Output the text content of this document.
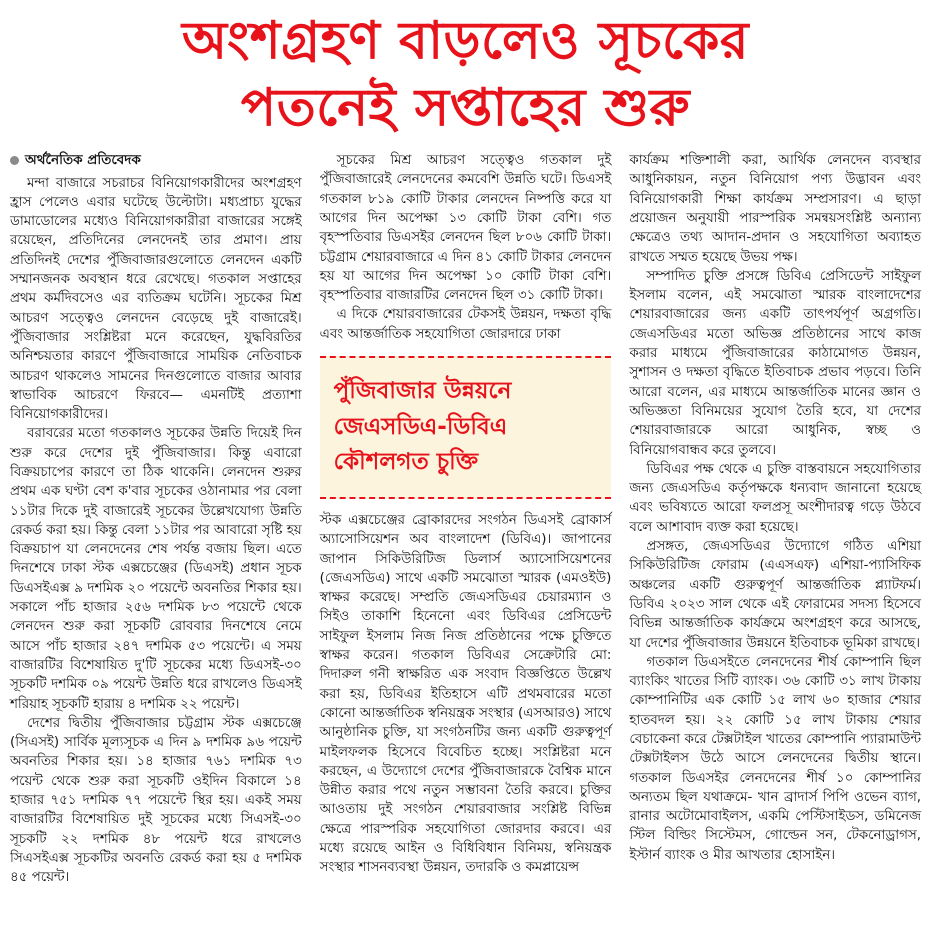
অংশগ্রহণ বাড়লেও সূচকের
পতনেই সপ্তাহের শুরু
অর্থনৈতিক প্রতিবেদক

মন্দা বাজারে সচরাচর বিনিয়োগকারীদের অংশগ্রহণ হ্রাস পেলেও এবার ঘটেছে উল্টোটা। মধ্যপ্রাচ্য যুদ্ধের ডামাডোলের মধ্যেও বিনিয়োগকারীরা বাজারের সঙ্গেই রয়েছেন, প্রতিদিনের লেনদেনই তার প্রমাণ। প্রায় প্রতিদিনই দেশের পুঁজিবাজারগুলোতে লেনদেন একটি সম্মানজনক অবস্থান ধরে রেখেছে। গতকাল সপ্তাহের প্রথম কর্মদিবসেও এর ব্যতিক্রম ঘটেনি। সূচকের মিশ্র আচরণ সত্ত্বেও লেনদেন বেড়েছে দুই বাজারেই। পুঁজিবাজার সংশ্লিষ্টরা মনে করেছেন, যুদ্ধবিরতির অনিশ্চয়তার কারণে পুঁজিবাজারে সাময়িক নেতিবাচক আচরণ থাকলেও সামনের দিনগুলোতে বাজার আবার স্বাভাবিক আচরণে ফিরবে— এমনটিই প্রত্যাশা বিনিয়োগকারীদের।

বরাবরের মতো গতকালও সূচকের উন্নতি দিয়েই দিন শুরু করে দেশের দুই পুঁজিবাজার। কিন্তু এবারো বিক্রয়চাপের কারণে তা ঠিক থাকেনি। লেনদেন শুরুর প্রথম এক ঘণ্টা বেশ ক'বার সূচকের ওঠানামার পর বেলা ১১টার দিকে দুই বাজারেই সূচকের উল্লেখযোগ্য উন্নতি রেকর্ড করা হয়। কিন্তু বেলা ১১টার পর আবারো সৃষ্টি হয় বিক্রয়চাপ যা লেনদেনের শেষ পর্যন্ত বজায় ছিল। এতে দিনশেষে ঢাকা স্টক এক্সচেঞ্জের (ডিএসই) প্রধান সূচক ডিএসইএক্স ৯ দশমিক ২০ পয়েন্টে অবনতির শিকার হয়। সকালে পাঁচ হাজার ২৫৬ দশমিক ৮৩ পয়েন্টে থেকে লেনদেন শুরু করা সূচকটি রোববার দিনশেষে নেমে আসে পাঁচ হাজার ২৪৭ দশমিক ৫৩ পয়েন্টে। এ সময় বাজারটির বিশেষায়িত দু'টি সূচকের মধ্যে ডিএসই-৩০ সূচকটি দশমিক ০৯ পয়েন্ট উন্নতি ধরে রাখলেও ডিএসই শরিয়াহ সূচকটি হারায় ৪ দশমিক ২২ পয়েন্ট।

দেশের দ্বিতীয় পুঁজিবাজার চট্টগ্রাম স্টক এক্সচেঞ্জে (সিএসই) সার্বিক মূল্যসূচক এ দিন ৯ দশমিক ৯৬ পয়েন্ট অবনতির শিকার হয়। ১৪ হাজার ৭৬১ দশমিক ৭৩ পয়েন্ট থেকে শুরু করা সূচকটি ওইদিন বিকালে ১৪ হাজার ৭৫১ দশমিক ৭৭ পয়েন্টে স্থির হয়। একই সময় বাজারটির বিশেষায়িত দুই সূচকের মধ্যে সিএসই-৩০ সূচকটি ২২ দশমিক ৪৮ পয়েন্ট ধরে রাখলেও সিএসইএক্স সূচকটির অবনতি রেকর্ড করা হয় ৫ দশমিক ৪৫ পয়েন্ট।

সূচকের মিশ্র আচরণ সত্ত্বেও গতকাল দুই পুঁজিবাজারেই লেনদেনের কমবেশি উন্নতি ঘটে। ডিএসই গতকাল ৮১৯ কোটি টাকার লেনদেন নিষ্পত্তি করে যা আগের দিন অপেক্ষা ১৩ কোটি টাকা বেশি। গত বৃহস্পতিবার ডিএসইর লেনদেন ছিল ৮০৬ কোটি টাকা। চট্টগ্রাম শেয়ারবাজারে এ দিন ৪১ কোটি টাকার লেনদেন হয় যা আগের দিন অপেক্ষা ১০ কোটি টাকা বেশি। বৃহস্পতিবার বাজারটির লেনদেন ছিল ৩১ কোটি টাকা।

এ দিকে শেয়ারবাজারের টেকসই উন্নয়ন, দক্ষতা বৃদ্ধি এবং আন্তর্জাতিক সহযোগিতা জোরদারে ঢাকা

পুঁজিবাজার উন্নয়নে জেএসডিএ-ডিবিএ কৌশলগত চুক্তি

স্টক এক্সচেঞ্জের ব্রোকারদের সংগঠন ডিএসই ব্রোকার্স অ্যাসোসিয়েশন অব বাংলাদেশ (ডিবিএ)। জাপানের জাপান সিকিউরিটিজ ডিলার্স অ্যাসোসিয়েশনের (জেএসডিএ) সাথে একটি সমঝোতা স্মারক (এমওইউ) স্বাক্ষর করেছে। সম্প্রতি জেএসডিএর চেয়ারম্যান ও সিইও তাকাশি হিনেনো এবং ডিবিএর প্রেসিডেন্ট সাইফুল ইসলাম নিজ নিজ প্রতিষ্ঠানের পক্ষে চুক্তিতে স্বাক্ষর করেন। গতকাল ডিবিএর সেক্রেটারি মো: দিদারুল গনী স্বাক্ষরিত এক সংবাদ বিজ্ঞপ্তিতে উল্লেখ করা হয়, ডিবিএর ইতিহাসে এটি প্রথমবারের মতো কোনো আন্তর্জাতিক স্বনিয়ন্ত্রক সংস্থার (এসআরও) সাথে আনুষ্ঠানিক চুক্তি, যা সংগঠনটির জন্য একটি গুরুত্বপূর্ণ মাইলফলক হিসেবে বিবেচিত হচ্ছে। সংশ্লিষ্টরা মনে করছেন, এ উদ্যোগে দেশের পুঁজিবাজারকে বৈশ্বিক মানে উন্নীত করার পথে নতুন সম্ভাবনা তৈরি করবে। চুক্তির আওতায় দুই সংগঠন শেয়ারবাজার সংশ্লিষ্ট বিভিন্ন ক্ষেত্রে পারস্পরিক সহযোগিতা জোরদার করবে। এর মধ্যে রয়েছে আইন ও বিধিবিধান বিনিময়, স্বনিয়ন্ত্রক সংস্থার শাসনব্যবস্থা উন্নয়ন, তদারকি ও কমপ্লায়েন্স

কার্যক্রম শক্তিশালী করা, আর্থিক লেনদেন ব্যবস্থার আধুনিকায়ন, নতুন বিনিয়োগ পণ্য উদ্ভাবন এবং বিনিয়োগকারী শিক্ষা কার্যক্রম সম্প্রসারণ। এ ছাড়া প্রয়োজন অনুযায়ী পারস্পরিক সমন্বয়সংশ্লিষ্ট অন্যান্য ক্ষেত্রেও তথ্য আদান-প্রদান ও সহযোগিতা অব্যাহত রাখতে সম্মত হয়েছে উভয় পক্ষ।

সম্পাদিত চুক্তি প্রসঙ্গে ডিবিএ প্রেসিডেন্ট সাইফুল ইসলাম বলেন, এই সমঝোতা স্মারক বাংলাদেশের শেয়ারবাজারের জন্য একটি তাৎপর্যপূর্ণ অগ্রগতি। জেএসডিএর মতো অভিজ্ঞ প্রতিষ্ঠানের সাথে কাজ করার মাধ্যমে পুঁজিবাজারের কাঠামোগত উন্নয়ন, সুশাসন ও দক্ষতা বৃদ্ধিতে ইতিবাচক প্রভাব পড়বে। তিনি আরো বলেন, এর মাধ্যমে আন্তর্জাতিক মানের জ্ঞান ও অভিজ্ঞতা বিনিময়ের সুযোগ তৈরি হবে, যা দেশের শেয়ারবাজারকে আরো আধুনিক, স্বচ্ছ ও বিনিয়োগবান্ধব করে তুলবে।

ডিবিএর পক্ষ থেকে এ চুক্তি বাস্তবায়নে সহযোগিতার জন্য জেএসডিএ কর্তৃপক্ষকে ধন্যবাদ জানানো হয়েছে এবং ভবিষ্যতে আরো ফলপ্রসূ অংশীদারত্ব গড়ে উঠবে বলে আশাবাদ ব্যক্ত করা হয়েছে।

প্রসঙ্গত, জেএসডিএর উদ্যোগে গঠিত এশিয়া সিকিউরিটিজ ফোরাম (এএসএফ) এশিয়া-প্যাসিফিক অঞ্চলের একটি গুরুত্বপূর্ণ আন্তর্জাতিক প্ল্যাটফর্ম। ডিবিএ ২০২৩ সাল থেকে এই ফোরামের সদস্য হিসেবে বিভিন্ন আন্তর্জাতিক কার্যক্রমে অংশগ্রহণ করে আসছে, যা দেশের পুঁজিবাজার উন্নয়নে ইতিবাচক ভূমিকা রাখছে।

গতকাল ডিএসইতে লেনদেনের শীর্ষ কোম্পানি ছিল ব্যাংকিং খাতের সিটি ব্যাংক। ৩৬ কোটি ৩১ লাখ টাকায় কোম্পানিটির এক কোটি ১৫ লাখ ৬০ হাজার শেয়ার হাতবদল হয়। ২২ কোটি ১৫ লাখ টাকায় শেয়ার বেচাকেনা করে টেক্সটাইল খাতের কোম্পানি প্যারামাউন্ট টেক্সটাইলস উঠে আসে লেনদেনের দ্বিতীয় স্থানে। গতকাল ডিএসইর লেনদেনের শীর্ষ ১০ কোম্পানির অন্যতম ছিল যথাক্রমে- খান ব্রাদার্স পিপি ওভেন ব্যাগ, রানার অটোমোবাইলস, একমি পেস্টিসাইডস, ডমিনেজ স্টিল বিল্ডিং সিস্টেমস, গোল্ডেন সন, টেকনোড্রাগস, ইস্টার্ন ব্যাংক ও মীর আখতার হোসাইন।
